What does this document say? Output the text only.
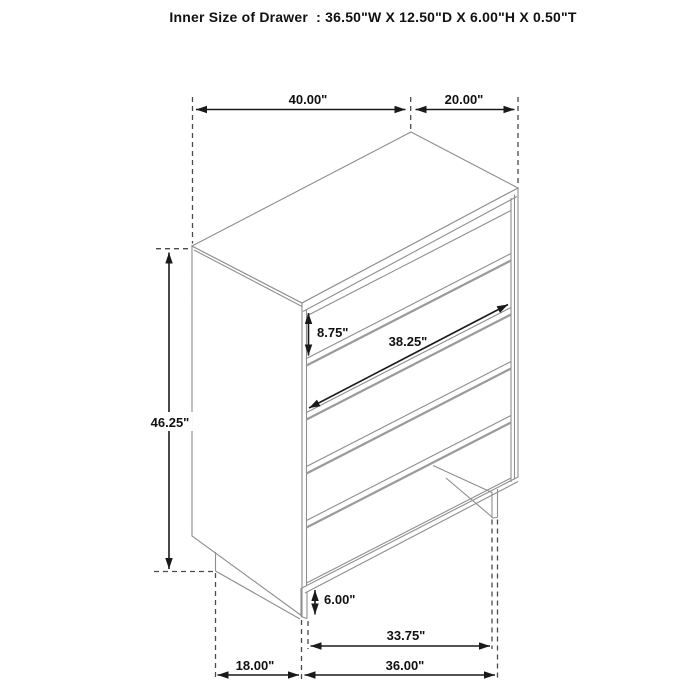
Inner Size of Drawer  : 36.50"W X 12.50"D X 6.00"H X 0.50"T
40.00"	20.00"
46.25"
8.75"
38.25"
6.00"
33.75"
18.00"	36.00"
